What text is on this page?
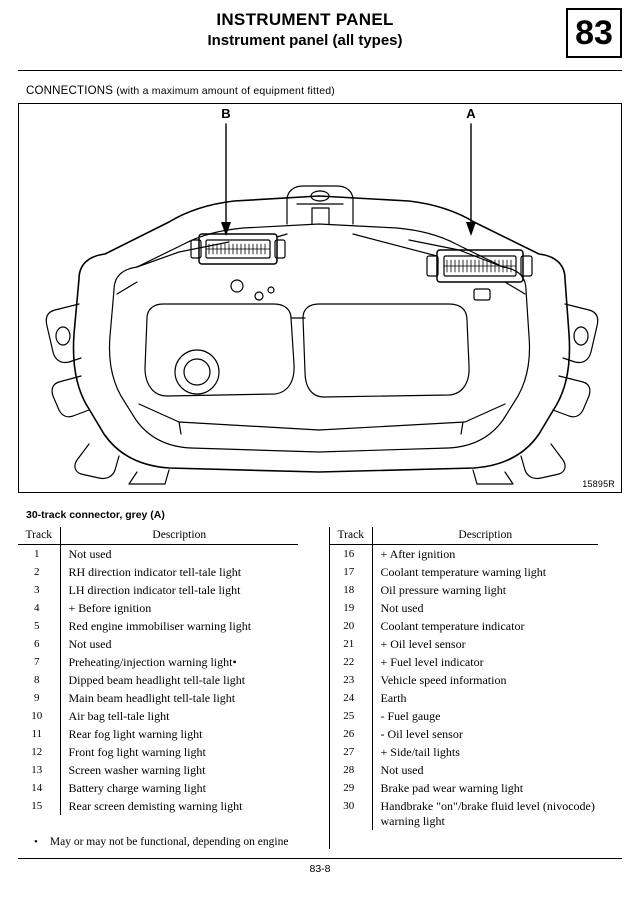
INSTRUMENT PANEL
Instrument panel (all types)	83
CONNECTIONS (with a maximum amount of equipment fitted)
B	A
15895R
30-track connector, grey (A)
Track	Description
1	Not used
2	RH direction indicator tell-tale light
3	LH direction indicator tell-tale light
4	+ Before ignition
5	Red engine immobiliser warning light
6	Not used
7	Preheating/injection warning light•
8	Dipped beam headlight tell-tale light
9	Main beam headlight tell-tale light
10	Air bag tell-tale light
11	Rear fog light warning light
12	Front fog light warning light
13	Screen washer warning light
14	Battery charge warning light
15	Rear screen demisting warning light
Track	Description
16	+ After ignition
17	Coolant temperature warning light
18	Oil pressure warning light
19	Not used
20	Coolant temperature indicator
21	+ Oil level sensor
22	+ Fuel level indicator
23	Vehicle speed information
24	Earth
25	- Fuel gauge
26	- Oil level sensor
27	+ Side/tail lights
28	Not used
29	Brake pad wear warning light
30	Handbrake "on"/brake fluid level (nivocode) warning light
• May or may not be functional, depending on engine
83-8
